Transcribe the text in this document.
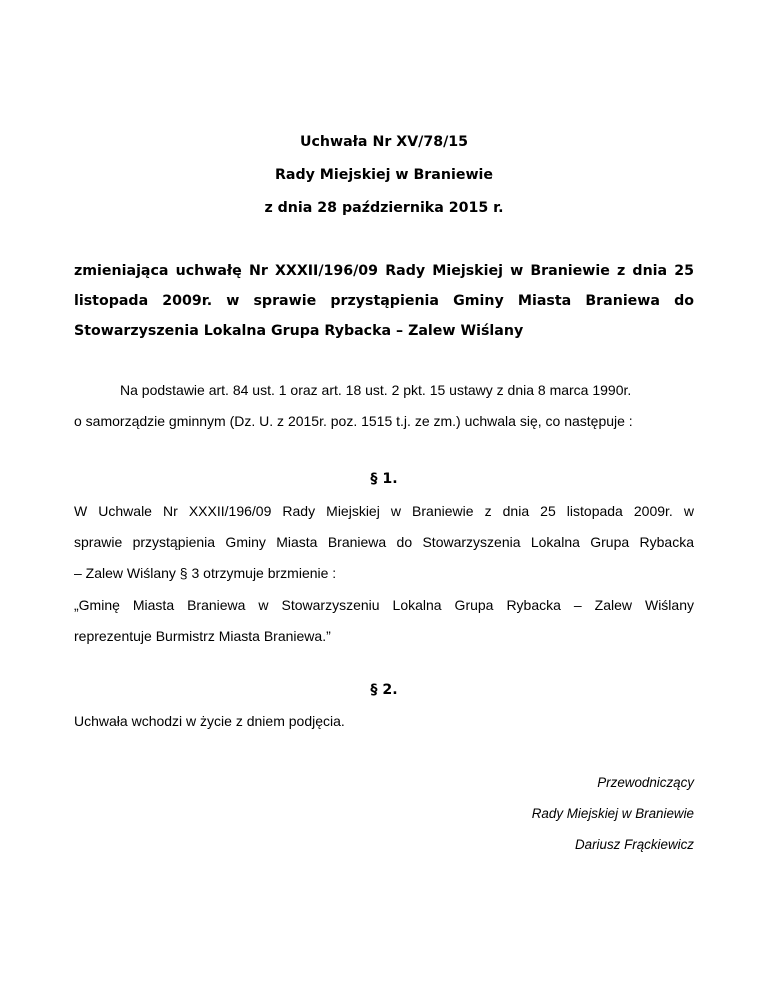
Uchwała Nr XV/78/15
Rady Miejskiej w Braniewie
z dnia 28 października 2015 r.
zmieniająca uchwałę Nr XXXII/196/09 Rady Miejskiej w Braniewie z dnia 25
listopada 2009r. w sprawie przystąpienia Gminy Miasta Braniewa do
Stowarzyszenia Lokalna Grupa Rybacka – Zalew Wiślany
Na podstawie art. 84 ust. 1 oraz art. 18 ust. 2 pkt. 15 ustawy z dnia 8 marca 1990r.
o samorządzie gminnym (Dz. U. z 2015r. poz. 1515 t.j. ze zm.) uchwala się, co następuje :
§ 1.
W Uchwale Nr XXXII/196/09 Rady Miejskiej w Braniewie z dnia 25 listopada 2009r. w
sprawie przystąpienia Gminy Miasta Braniewa do Stowarzyszenia Lokalna Grupa Rybacka
– Zalew Wiślany § 3 otrzymuje brzmienie :
„Gminę Miasta Braniewa w Stowarzyszeniu Lokalna Grupa Rybacka – Zalew Wiślany
reprezentuje Burmistrz Miasta Braniewa.”
§ 2.
Uchwała wchodzi w życie z dniem podjęcia.
Przewodniczący
Rady Miejskiej w Braniewie
Dariusz Frąckiewicz
